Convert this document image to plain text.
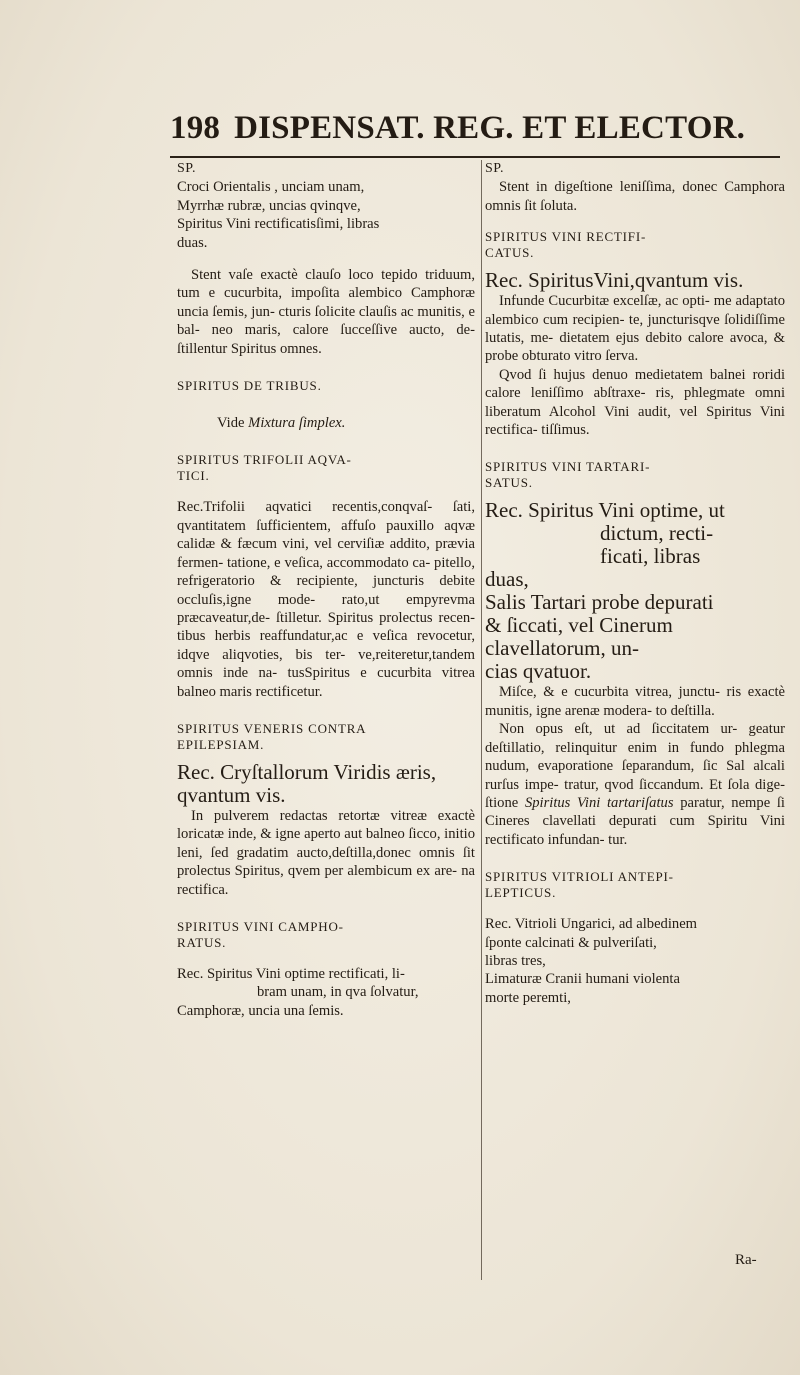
198 DISPENSAT. REG. ET ELECTOR.

SP.

Croci Orientalis , unciam unam,

Myrrhæ rubræ, uncias qvinqve,

Spiritus Vini rectificatisſimi, libras

duas.

Stent vaſe exactè clauſo loco tepido triduum, tum e cucurbita, impoſita alembico Camphoræ uncia ſemis, jun- cturis ſolicite clauſis ac munitis, e bal- neo maris, calore ſucceſſive aucto, de- ſtillentur Spiritus omnes.

SPIRITUS DE TRIBUS.

Vide Mixtura ſimplex.

SPIRITUS TRIFOLII AQVA-

TICI.

Rec.Trifolii aqvatici recentis,conqvaſ- ſati, qvantitatem ſufficientem, affuſo pauxillo aqvæ calidæ & fæcum vini, vel cerviſiæ addito, prævia fermen- tatione, e veſica, accommodato ca- pitello, refrigeratorio & recipiente, juncturis debite occluſis,igne mode- rato,ut empyrevma præcaveatur,de- ſtilletur. Spiritus prolectus recen- tibus herbis reaffundatur,ac e veſica revocetur, idqve aliqvoties, bis ter- ve,reiteretur,tandem omnis inde na- tusSpiritus e cucurbita vitrea balneo maris rectificetur.

SPIRITUS VENERIS CONTRA

EPILEPSIAM.

Rec. Cryſtallorum Viridis æris,

qvantum vis.

In pulverem redactas retortæ vitreæ exactè loricatæ inde, & igne aperto aut balneo ſicco, initio leni, ſed gradatim aucto,deſtilla,donec omnis ſit prolectus Spiritus, qvem per alembicum ex are- na rectifica.

SPIRITUS VINI CAMPHO-

RATUS.

Rec. Spiritus Vini optime rectificati, li-

bram unam, in qva ſolvatur,

Camphoræ, uncia una ſemis.

SP.

Stent in digeſtione leniſſima, donec Camphora omnis ſit ſoluta.

SPIRITUS VINI RECTIFI-

CATUS.

Rec. SpiritusVini,qvantum vis.

Infunde Cucurbitæ excelſæ, ac opti- me adaptato alembico cum recipien- te, juncturisqve ſolidiſſime lutatis, me- dietatem ejus debito calore avoca, & probe obturato vitro ſerva.

Qvod ſi hujus denuo medietatem balnei roridi calore leniſſimo abſtraxe- ris, phlegmate omni liberatum Alcohol Vini audit, vel Spiritus Vini rectifica- tiſſimus.

SPIRITUS VINI TARTARI-

SATUS.

Rec. Spiritus Vini optime, ut

dictum, recti-

ficati, libras

duas,

Salis Tartari probe depurati

& ſiccati, vel Cinerum

clavellatorum, un-

cias qvatuor.

Miſce, & e cucurbita vitrea, junctu- ris exactè munitis, igne arenæ modera- to deſtilla.

Non opus eſt, ut ad ſiccitatem ur- geatur deſtillatio, relinquitur enim in fundo phlegma nudum, evaporatione ſeparandum, ſic Sal alcali rurſus impe- tratur, qvod ſiccandum. Et ſola dige- ſtione Spiritus Vini tartariſatus paratur, nempe ſi Cineres clavellati depurati cum Spiritu Vini rectificato infundan- tur.

SPIRITUS VITRIOLI ANTEPI-

LEPTICUS.

Rec. Vitrioli Ungarici, ad albedinem

ſponte calcinati & pulveriſati,

libras tres,

Limaturæ Cranii humani violenta

morte peremti,

Ra-
